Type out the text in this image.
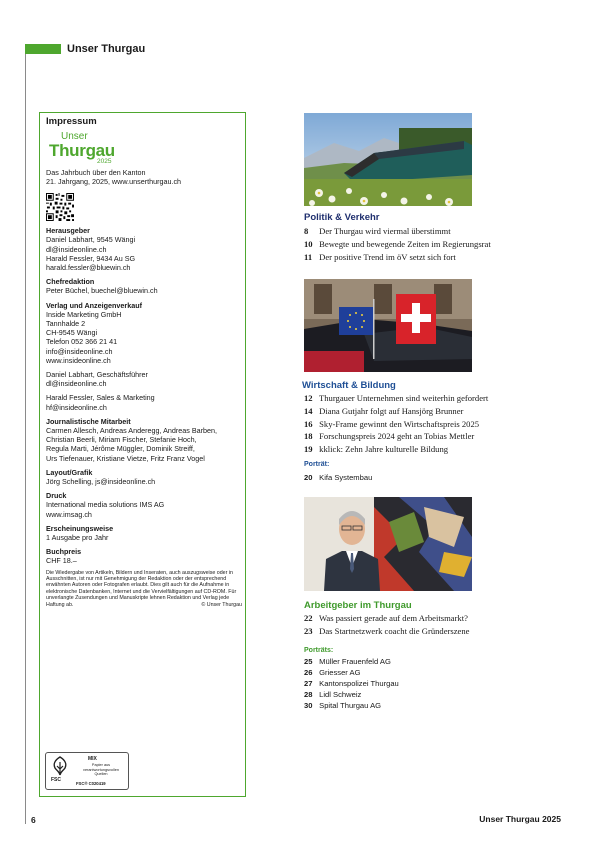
Unser Thurgau

Impressum

Unser
Thurgau
2025

Das Jahrbuch über den Kanton

21. Jahrgang, 2025, www.unserthurgau.ch

Herausgeber

Daniel Labhart, 9545 Wängi

dl@insideonline.ch

Harald Fessler, 9434 Au SG

harald.fessler@bluewin.ch

Chefredaktion

Peter Büchel, buechel@bluewin.ch

Verlag und Anzeigenverkauf

Inside Marketing GmbH

Tannhalde 2

CH-9545 Wängi

Telefon 052 366 21 41

info@insideonline.ch

www.insideonline.ch

Daniel Labhart, Geschäftsführer

dl@insideonline.ch

Harald Fessler, Sales & Marketing

hf@insideonline.ch

Journalistische Mitarbeit

Carmen Allesch, Andreas Anderegg, Andreas Barben,

Christian Beerli, Miriam Fischer, Stefanie Hoch,

Regula Marti, Jérôme Müggler, Dominik Streiff,

Urs Tiefenauer, Kristiane Vietze, Fritz Franz Vogel

Layout/Grafik

Jörg Schelling, js@insideonline.ch

Druck

International media solutions IMS AG

www.imsag.ch

Erscheinungsweise

1 Ausgabe pro Jahr

Buchpreis

CHF 18.–

Die Wiedergabe von Artikeln, Bildern und Inseraten, auch auszugsweise oder in Ausschnitten, ist nur mit Genehmigung der Redaktion oder der entsprechend erwähnten Autoren oder Fotografen erlaubt. Dies gilt auch für die Aufnahme in elektronische Datenbanken, Internet und die Vervielfältigungen auf CD-ROM. Für unverlangte Zusendungen und Manuskripte lehnen Redaktion und Verlag jede Haftung ab.	© Unser Thurgau
FSC
MIX
Papier aus verantwortungsvollen Quellen
FSC® C020419
Politik & Verkehr
8 Der Thurgau wird viermal überstimmt
10 Bewegte und bewegende Zeiten im Regierungsrat
11 Der positive Trend im öV setzt sich fort
Wirtschaft & Bildung
12 Thurgauer Unternehmen sind weiterhin gefordert
14 Diana Gutjahr folgt auf Hansjörg Brunner
16 Sky-Frame gewinnt den Wirtschaftspreis 2025
18 Forschungspreis 2024 geht an Tobias Mettler
19 kklick: Zehn Jahre kulturelle Bildung
Porträt:
20 Kifa Systembau
Arbeitgeber im Thurgau
22 Was passiert gerade auf dem Arbeitsmarkt?
23 Das Startnetzwerk coacht die Gründerszene
Porträts:
25 Müller Frauenfeld AG
26 Griesser AG
27 Kantonspolizei Thurgau
28 Lidl Schweiz
30 Spital Thurgau AG
6	Unser Thurgau 2025
